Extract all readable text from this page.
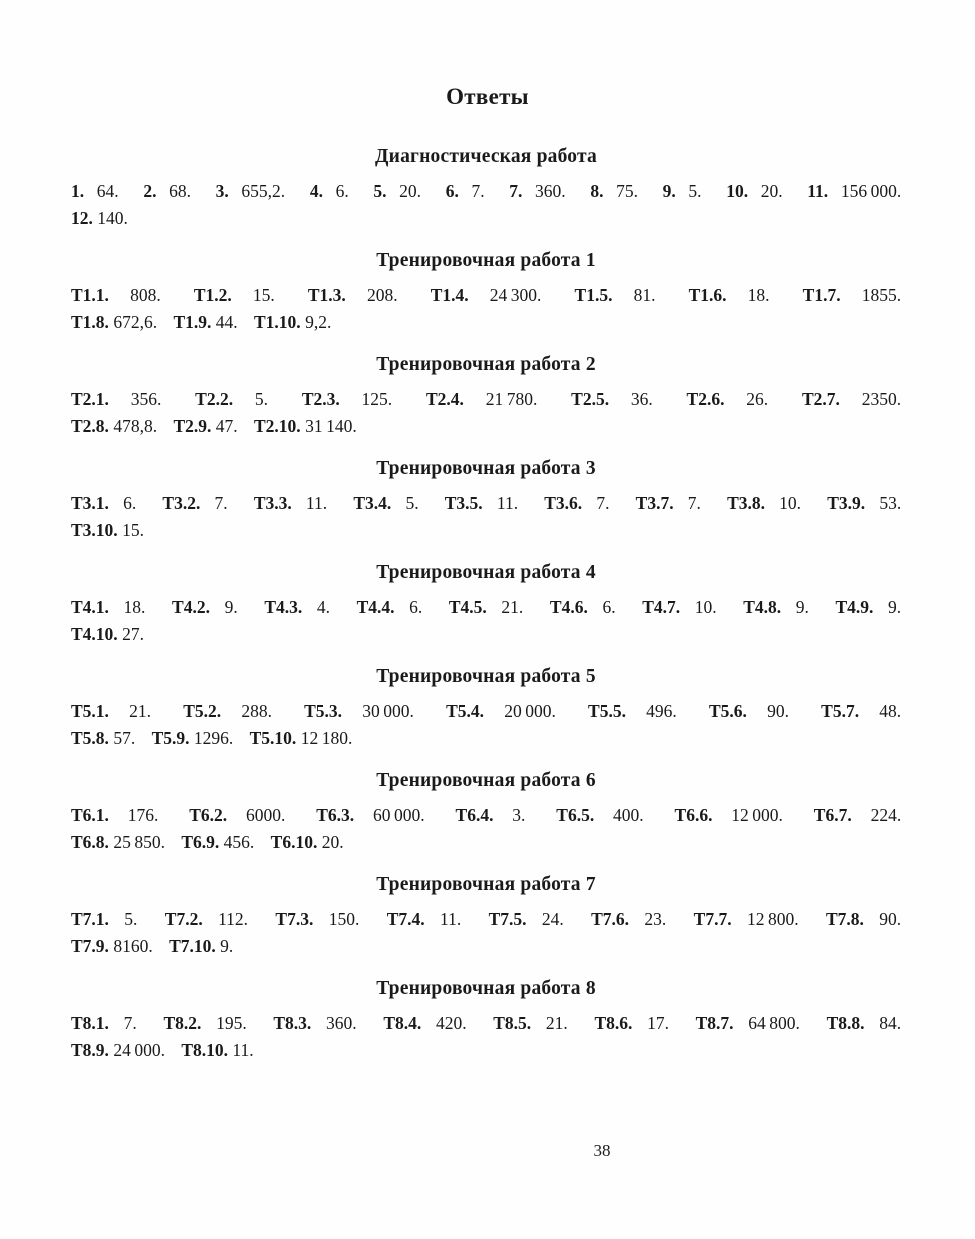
Ответы
Диагностическая работа

1. 64. 2. 68. 3. 655,2. 4. 6. 5. 20. 6. 7. 7. 360. 8. 75. 9. 5. 10. 20. 11. 156 000.

12. 140.

Тренировочная работа 1

Т1.1. 808. Т1.2. 15. Т1.3. 208. Т1.4. 24 300. Т1.5. 81. Т1.6. 18. Т1.7. 1855.

Т1.8. 672,6. Т1.9. 44. Т1.10. 9,2.

Тренировочная работа 2

Т2.1. 356. Т2.2. 5. Т2.3. 125. Т2.4. 21 780. Т2.5. 36. Т2.6. 26. Т2.7. 2350.

Т2.8. 478,8. Т2.9. 47. Т2.10. 31 140.

Тренировочная работа 3

Т3.1. 6. Т3.2. 7. Т3.3. 11. Т3.4. 5. Т3.5. 11. Т3.6. 7. Т3.7. 7. Т3.8. 10. Т3.9. 53.

Т3.10. 15.

Тренировочная работа 4

Т4.1. 18. Т4.2. 9. Т4.3. 4. Т4.4. 6. Т4.5. 21. Т4.6. 6. Т4.7. 10. Т4.8. 9. Т4.9. 9.

Т4.10. 27.

Тренировочная работа 5

Т5.1. 21. Т5.2. 288. Т5.3. 30 000. Т5.4. 20 000. Т5.5. 496. Т5.6. 90. Т5.7. 48.

Т5.8. 57. Т5.9. 1296. Т5.10. 12 180.

Тренировочная работа 6

Т6.1. 176. Т6.2. 6000. Т6.3. 60 000. Т6.4. 3. Т6.5. 400. Т6.6. 12 000. Т6.7. 224.

Т6.8. 25 850. Т6.9. 456. Т6.10. 20.

Тренировочная работа 7

Т7.1. 5. Т7.2. 112. Т7.3. 150. Т7.4. 11. Т7.5. 24. Т7.6. 23. Т7.7. 12 800. Т7.8. 90.

Т7.9. 8160. Т7.10. 9.

Тренировочная работа 8

Т8.1. 7. Т8.2. 195. Т8.3. 360. Т8.4. 420. Т8.5. 21. Т8.6. 17. Т8.7. 64 800. Т8.8. 84.

Т8.9. 24 000. Т8.10. 11.

38
